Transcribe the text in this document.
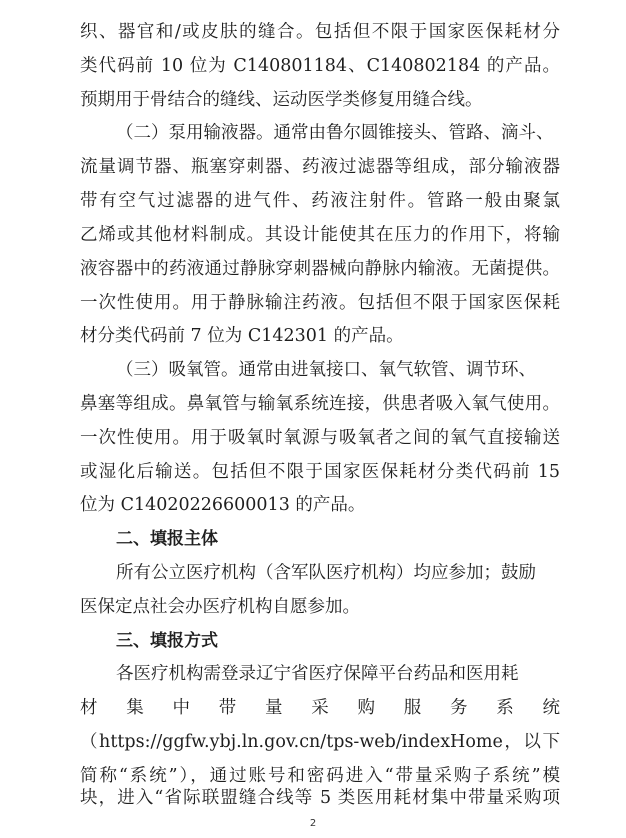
织、器官和/或皮肤的缝合。包括但不限于国家医保耗材分
类代码前 10 位为 C140801184、C140802184 的产品。
预期用于骨结合的缝线、运动医学类修复用缝合线。
（二）泵用输液器。通常由鲁尔圆锥接头、管路、滴斗、
流量调节器、瓶塞穿刺器、药液过滤器等组成，部分输液器
带有空气过滤器的进气件、药液注射件。管路一般由聚氯
乙烯或其他材料制成。其设计能使其在压力的作用下，将输
液容器中的药液通过静脉穿刺器械向静脉内输液。无菌提供。
一次性使用。用于静脉输注药液。包括但不限于国家医保耗
材分类代码前 7 位为 C142301 的产品。
（三）吸氧管。通常由进氧接口、氧气软管、调节环、
鼻塞等组成。鼻氧管与输氧系统连接，供患者吸入氧气使用。
一次性使用。用于吸氧时氧源与吸氧者之间的氧气直接输送
或湿化后输送。包括但不限于国家医保耗材分类代码前 15
位为 C14020226600013 的产品。
二、填报主体
所有公立医疗机构（含军队医疗机构）均应参加；鼓励
医保定点社会办医疗机构自愿参加。
三、填报方式
各医疗机构需登录辽宁省医疗保障平台药品和医用耗
材 集 中 带 量 采 购 服 务 系 统
（https://ggfw.ybj.ln.gov.cn/tps-web/indexHome，以下
简称“系统”），通过账号和密码进入“带量采购子系统”模
块，进入“省际联盟缝合线等 5 类医用耗材集中带量采购项
2
